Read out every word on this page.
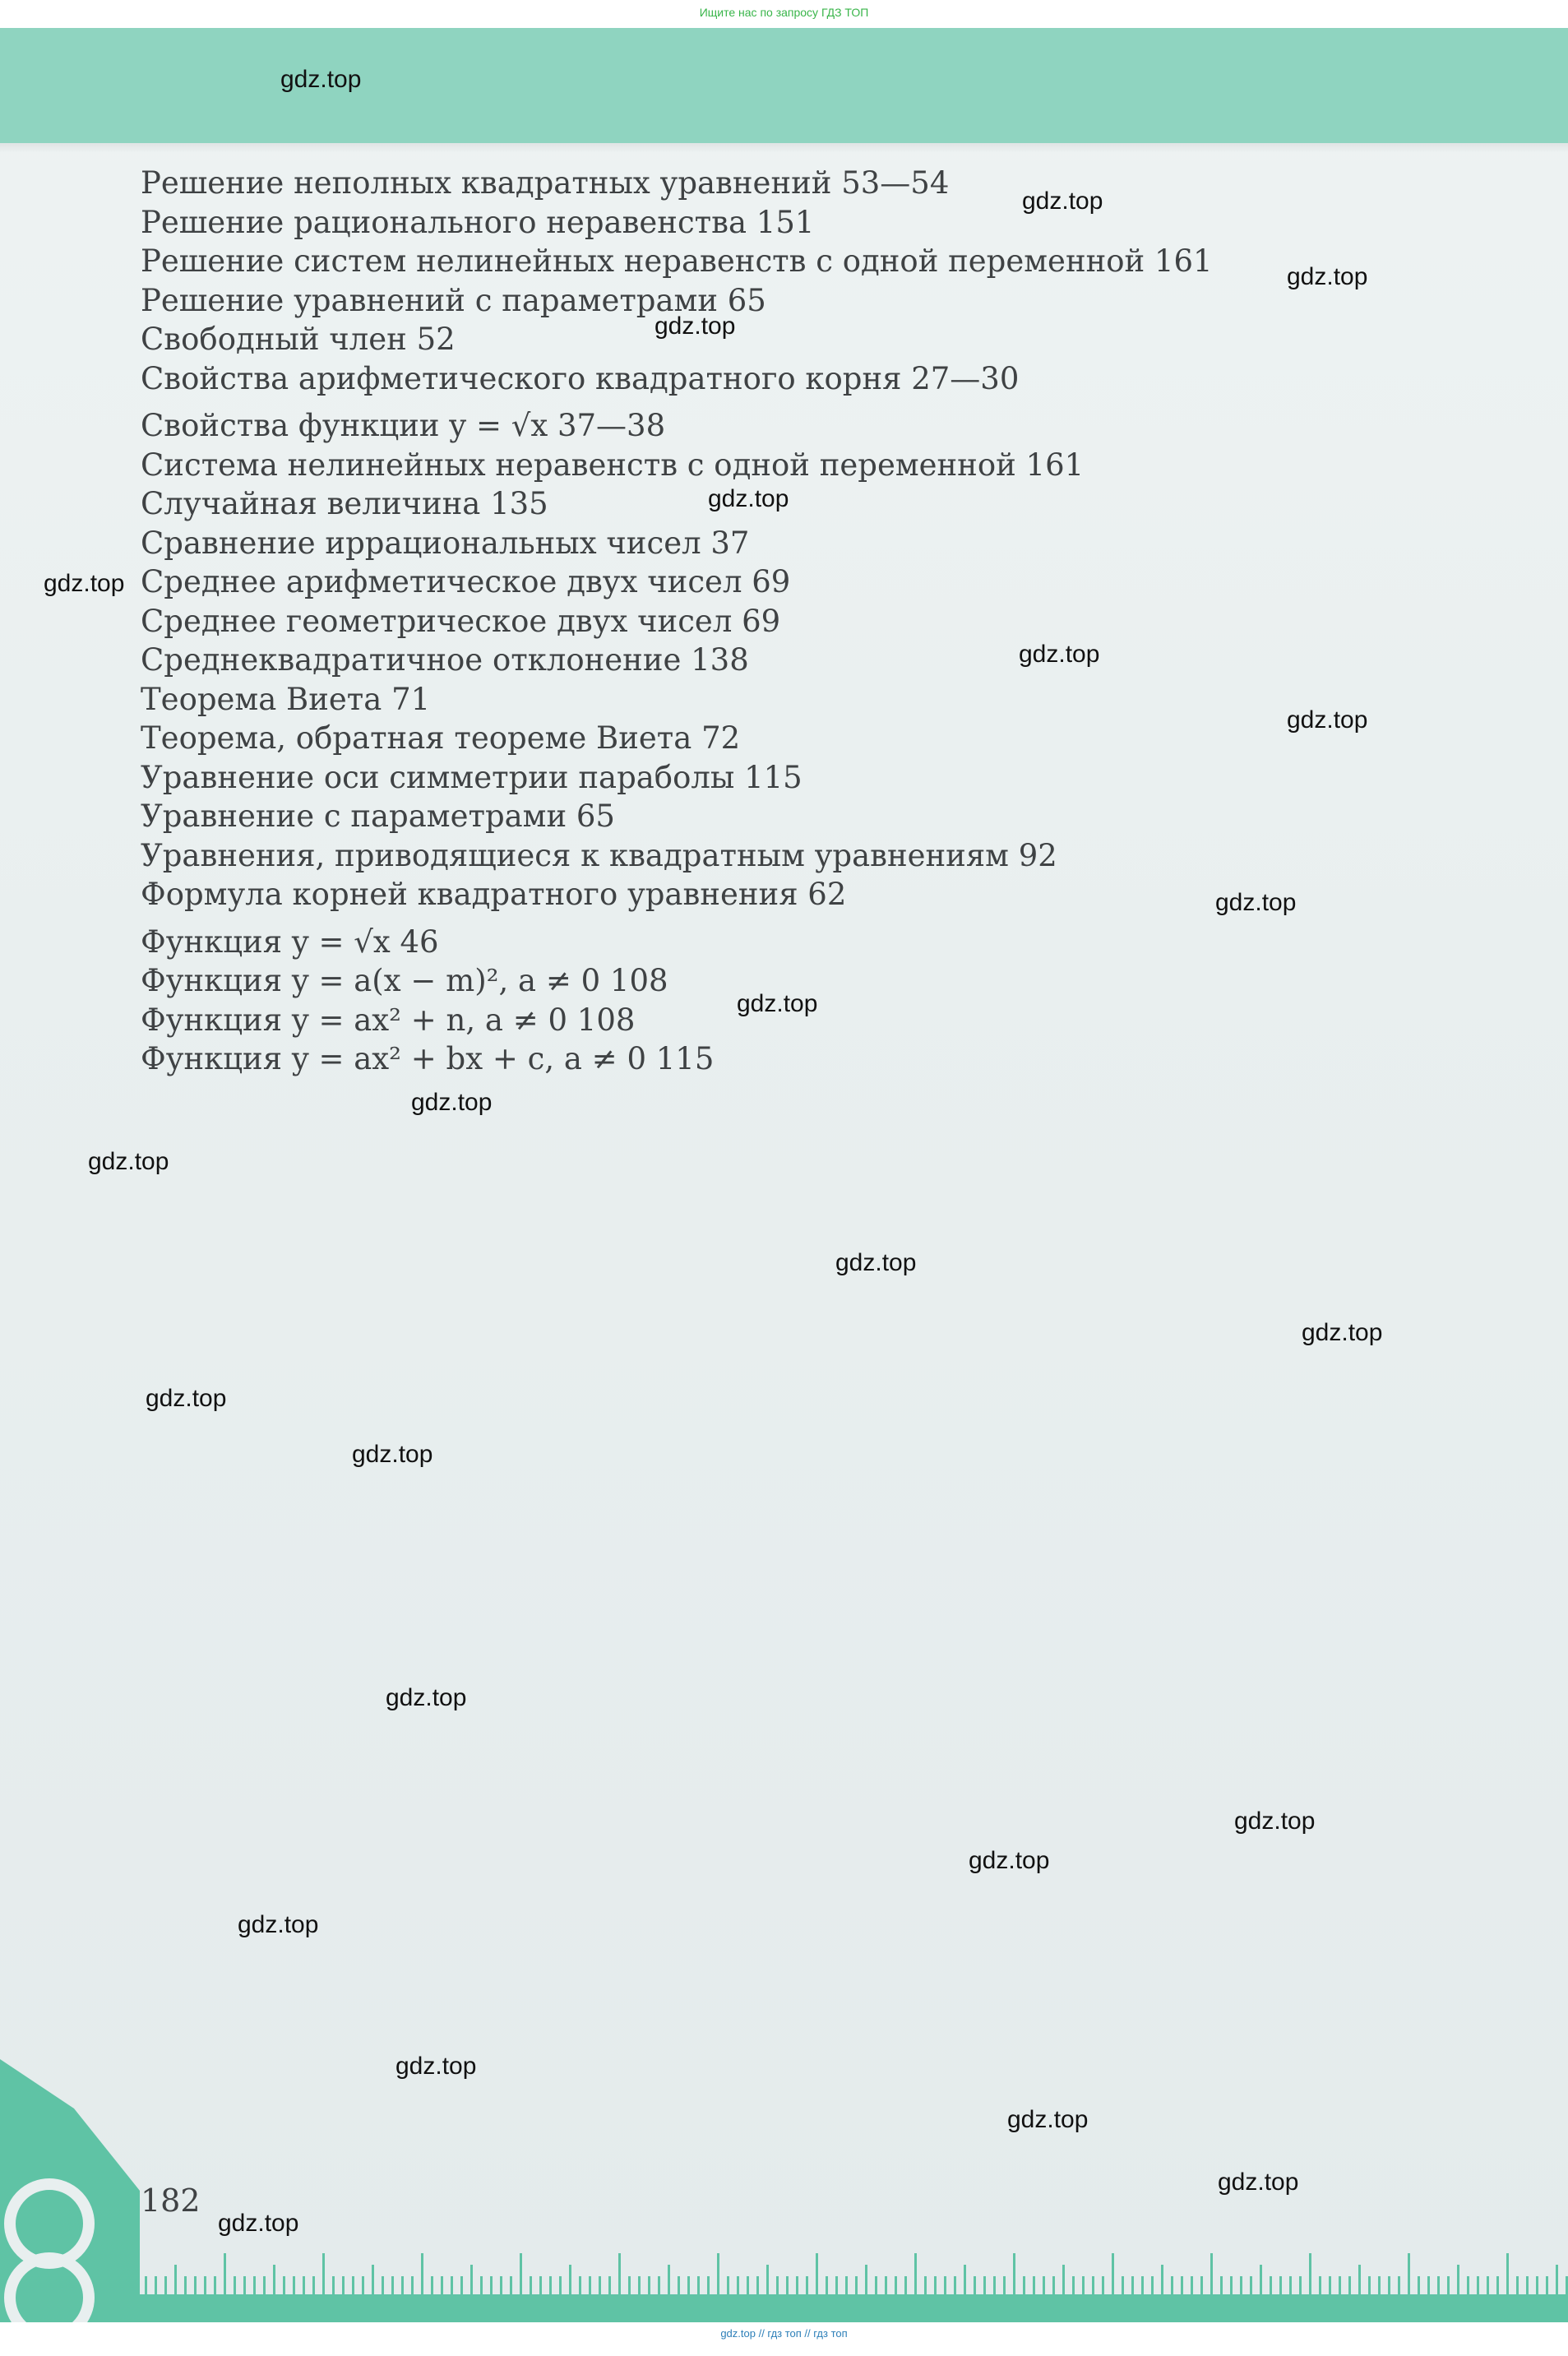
Ищите нас по запросу ГДЗ ТОП
Решение неполных квадратных уравнений 53—54
Решение рационального неравенства 151
Решение систем нелинейных неравенств с одной переменной 161
Решение уравнений с параметрами 65
Свободный член 52
Свойства арифметического квадратного корня 27—30
Свойства функции y = √x 37—38
Система нелинейных неравенств с одной переменной 161
Случайная величина 135
Сравнение иррациональных чисел 37
Среднее арифметическое двух чисел 69
Среднее геометрическое двух чисел 69
Среднеквадратичное отклонение 138
Теорема Виета 71
Теорема, обратная теореме Виета 72
Уравнение оси симметрии параболы 115
Уравнение с параметрами 65
Уравнения, приводящиеся к квадратным уравнениям 92
Формула корней квадратного уравнения 62
Функция y = √x 46
Функция y = a(x − m)², a ≠ 0 108
Функция y = ax² + n, a ≠ 0 108
Функция y = ax² + bx + c, a ≠ 0 115
182
gdz.top
gdz.top
gdz.top
gdz.top
gdz.top
gdz.top
gdz.top
gdz.top
gdz.top
gdz.top
gdz.top
gdz.top
gdz.top
gdz.top
gdz.top
gdz.top
gdz.top
gdz.top
gdz.top
gdz.top
gdz.top
gdz.top
gdz.top
gdz.top
gdz.top // гдз топ // гдз топ
